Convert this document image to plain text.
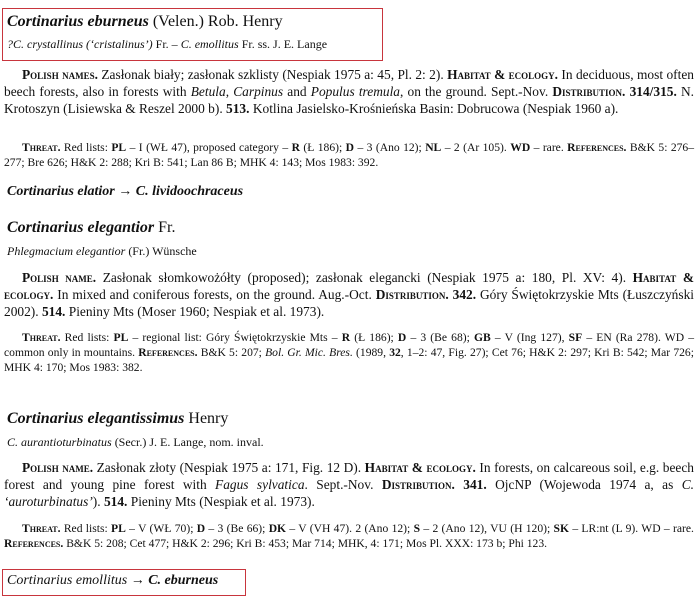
Cortinarius eburneus (Velen.) Rob. Henry
?C. crystallinus (‘cristalinus’) Fr. – C. emollitus Fr. ss. J. E. Lange
Polish names. Zasłonak biały; zasłonak szklisty (Nespiak 1975 a: 45, Pl. 2: 2). Habitat & ecology. In deciduous, most often beech forests, also in forests with Betula, Carpinus and Populus tremula, on the ground. Sept.-Nov. Distribution. 314/315. N. Krotoszyn (Lisiewska & Reszel 2000 b). 513. Kotlina Jasielsko-Krośnieńska Basin: Dobrucowa (Nespiak 1960 a).
Threat. Red lists: PL – I (WŁ 47), proposed category – R (Ł 186); D – 3 (Ano 12); NL – 2 (Ar 105). WD – rare. References. B&K 5: 276–277; Bre 626; H&K 2: 288; Kri B: 541; Lan 86 B; MHK 4: 143; Mos 1983: 392.
Cortinarius elatior → C. lividoochraceus
Cortinarius elegantior Fr.
Phlegmacium elegantior (Fr.) Wünsche
Polish name. Zasłonak słomkowożółty (proposed); zasłonak elegancki (Nespiak 1975 a: 180, Pl. XV: 4). Habitat & ecology. In mixed and coniferous forests, on the ground. Aug.-Oct. Distribution. 342. Góry Świętokrzyskie Mts (Łuszczyński 2002). 514. Pieniny Mts (Moser 1960; Nespiak et al. 1973).
Threat. Red lists: PL – regional list: Góry Świętokrzyskie Mts – R (Ł 186); D – 3 (Be 68); GB – V (Ing 127), SF – EN (Ra 278). WD – common only in mountains. References. B&K 5: 207; Bol. Gr. Mic. Bres. (1989, 32, 1–2: 47, Fig. 27); Cet 76; H&K 2: 297; Kri B: 542; Mar 726; MHK 4: 170; Mos 1983: 382.
Cortinarius elegantissimus Henry
C. aurantioturbinatus (Secr.) J. E. Lange, nom. inval.
Polish name. Zasłonak złoty (Nespiak 1975 a: 171, Fig. 12 D). Habitat & ecology. In forests, on calcareous soil, e.g. beech forest and young pine forest with Fagus sylvatica. Sept.-Nov. Distribution. 341. OjcNP (Wojewoda 1974 a, as C. ‘auroturbinatus’). 514. Pieniny Mts (Nespiak et al. 1973).
Threat. Red lists: PL – V (WŁ 70); D – 3 (Be 66); DK – V (VH 47). 2 (Ano 12); S – 2 (Ano 12), VU (H 120); SK – LR:nt (L 9). WD – rare. References. B&K 5: 208; Cet 477; H&K 2: 296; Kri B: 453; Mar 714; MHK, 4: 171; Mos Pl. XXX: 173 b; Phi 123.
Cortinarius emollitus → C. eburneus
